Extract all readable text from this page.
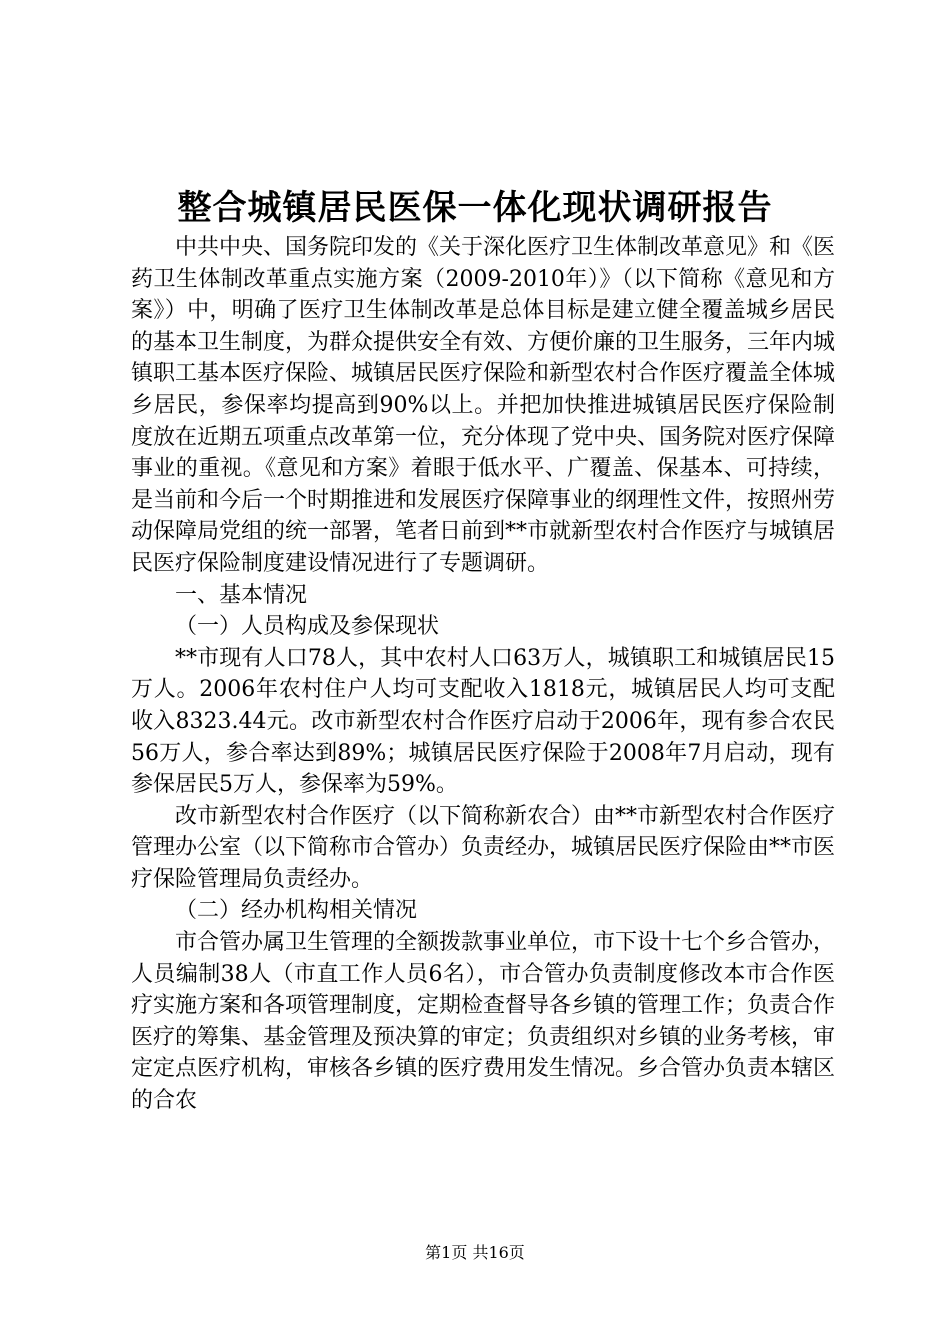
整合城镇居民医保一体化现状调研报告

中共中央、国务院印发的《关于深化医疗卫生体制改革意见》和《医药卫生体制改革重点实施方案（2009-2010年）》（以下简称《意见和方案》）中，明确了医疗卫生体制改革是总体目标是建立健全覆盖城乡居民的基本卫生制度，为群众提供安全有效、方便价廉的卫生服务，三年内城镇职工基本医疗保险、城镇居民医疗保险和新型农村合作医疗覆盖全体城乡居民，参保率均提高到90%以上。并把加快推进城镇居民医疗保险制度放在近期五项重点改革第一位，充分体现了党中央、国务院对医疗保障事业的重视。《意见和方案》着眼于低水平、广覆盖、保基本、可持续，是当前和今后一个时期推进和发展医疗保障事业的纲理性文件，按照州劳动保障局党组的统一部署，笔者日前到**市就新型农村合作医疗与城镇居民医疗保险制度建设情况进行了专题调研。

一、基本情况

（一）人员构成及参保现状

**市现有人口78人，其中农村人口63万人，城镇职工和城镇居民15万人。2006年农村住户人均可支配收入1818元，城镇居民人均可支配收入8323.44元。改市新型农村合作医疗启动于2006年，现有参合农民56万人，参合率达到89%；城镇居民医疗保险于2008年7月启动，现有参保居民5万人，参保率为59%。

改市新型农村合作医疗（以下简称新农合）由**市新型农村合作医疗管理办公室（以下简称市合管办）负责经办，城镇居民医疗保险由**市医疗保险管理局负责经办。

（二）经办机构相关情况

市合管办属卫生管理的全额拨款事业单位，市下设十七个乡合管办，人员编制38人（市直工作人员6名），市合管办负责制度修改本市合作医疗实施方案和各项管理制度，定期检查督导各乡镇的管理工作；负责合作医疗的筹集、基金管理及预决算的审定；负责组织对乡镇的业务考核，审定定点医疗机构，审核各乡镇的医疗费用发生情况。乡合管办负责本辖区的合农

第1页 共16页
